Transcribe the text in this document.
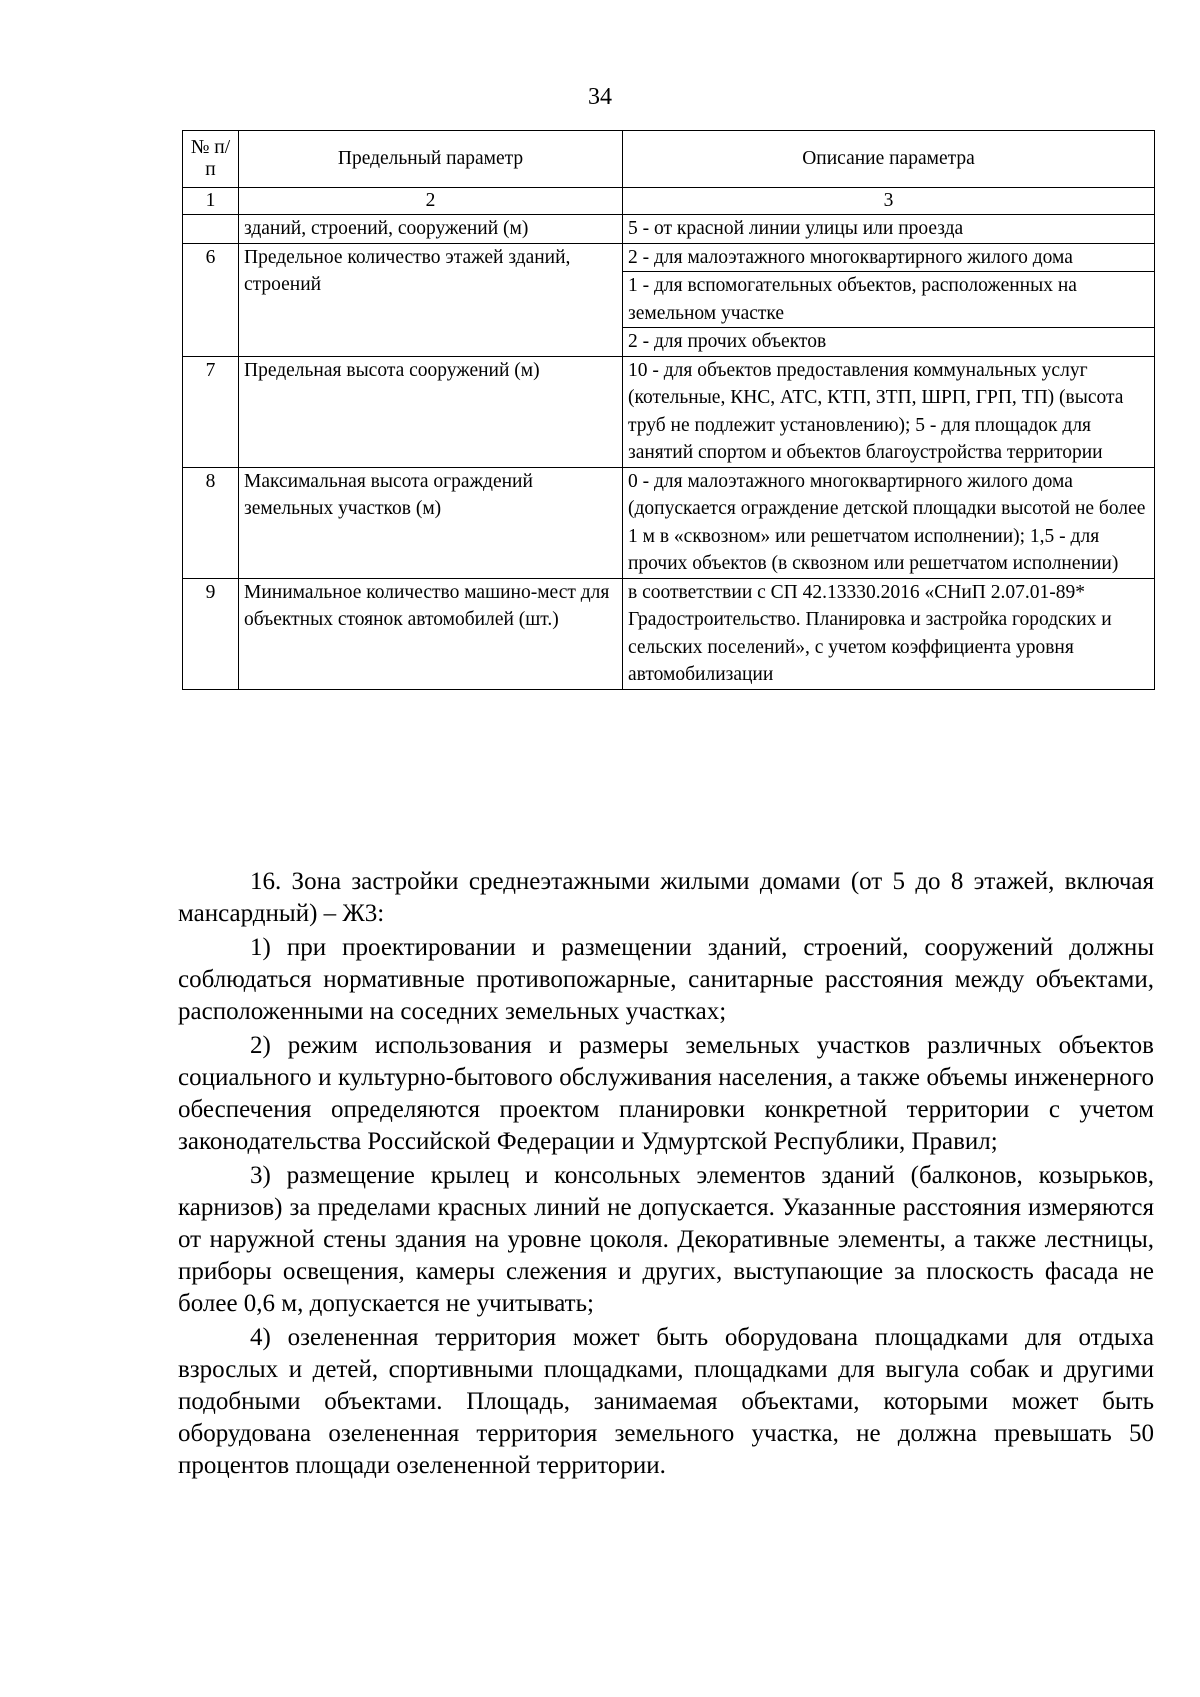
34
№ п/п	Предельный параметр	Описание параметра
1	2	3
	зданий, строений, сооружений (м)	5 - от красной линии улицы или проезда
6	Предельное количество этажей зданий, строений	2 - для малоэтажного многоквартирного жилого дома
		1 - для вспомогательных объектов, расположенных на земельном участке
		2 - для прочих объектов
7	Предельная высота сооружений (м)	10 - для объектов предоставления коммунальных услуг (котельные, КНС, АТС, КТП, ЗТП, ШРП, ГРП, ТП) (высота труб не подлежит установлению); 5 - для площадок для занятий спортом и объектов благоустройства территории
8	Максимальная высота ограждений земельных участков (м)	0 - для малоэтажного многоквартирного жилого дома (допускается ограждение детской площадки высотой не более 1 м в «сквозном» или решетчатом исполнении); 1,5 - для прочих объектов (в сквозном или решетчатом исполнении)
9	Минимальное количество машино-мест для объектных стоянок автомобилей (шт.)	в соответствии с СП 42.13330.2016 «СНиП 2.07.01-89* Градостроительство. Планировка и застройка городских и сельских поселений», с учетом коэффициента уровня автомобилизации

16. Зона застройки среднеэтажными жилыми домами (от 5 до 8 этажей, включая мансардный) – Ж3:

1) при проектировании и размещении зданий, строений, сооружений должны соблюдаться нормативные противопожарные, санитарные расстояния между объектами, расположенными на соседних земельных участках;

2) режим использования и размеры земельных участков различных объектов социального и культурно-бытового обслуживания населения, а также объемы инженерного обеспечения определяются проектом планировки конкретной территории с учетом законодательства Российской Федерации и Удмуртской Республики, Правил;

3) размещение крылец и консольных элементов зданий (балконов, козырьков, карнизов) за пределами красных линий не допускается. Указанные расстояния измеряются от наружной стены здания на уровне цоколя. Декоративные элементы, а также лестницы, приборы освещения, камеры слежения и других, выступающие за плоскость фасада не более 0,6 м, допускается не учитывать;

4) озелененная территория может быть оборудована площадками для отдыха взрослых и детей, спортивными площадками, площадками для выгула собак и другими подобными объектами. Площадь, занимаемая объектами, которыми может быть оборудована озелененная территория земельного участка, не должна превышать 50 процентов площади озелененной территории.
